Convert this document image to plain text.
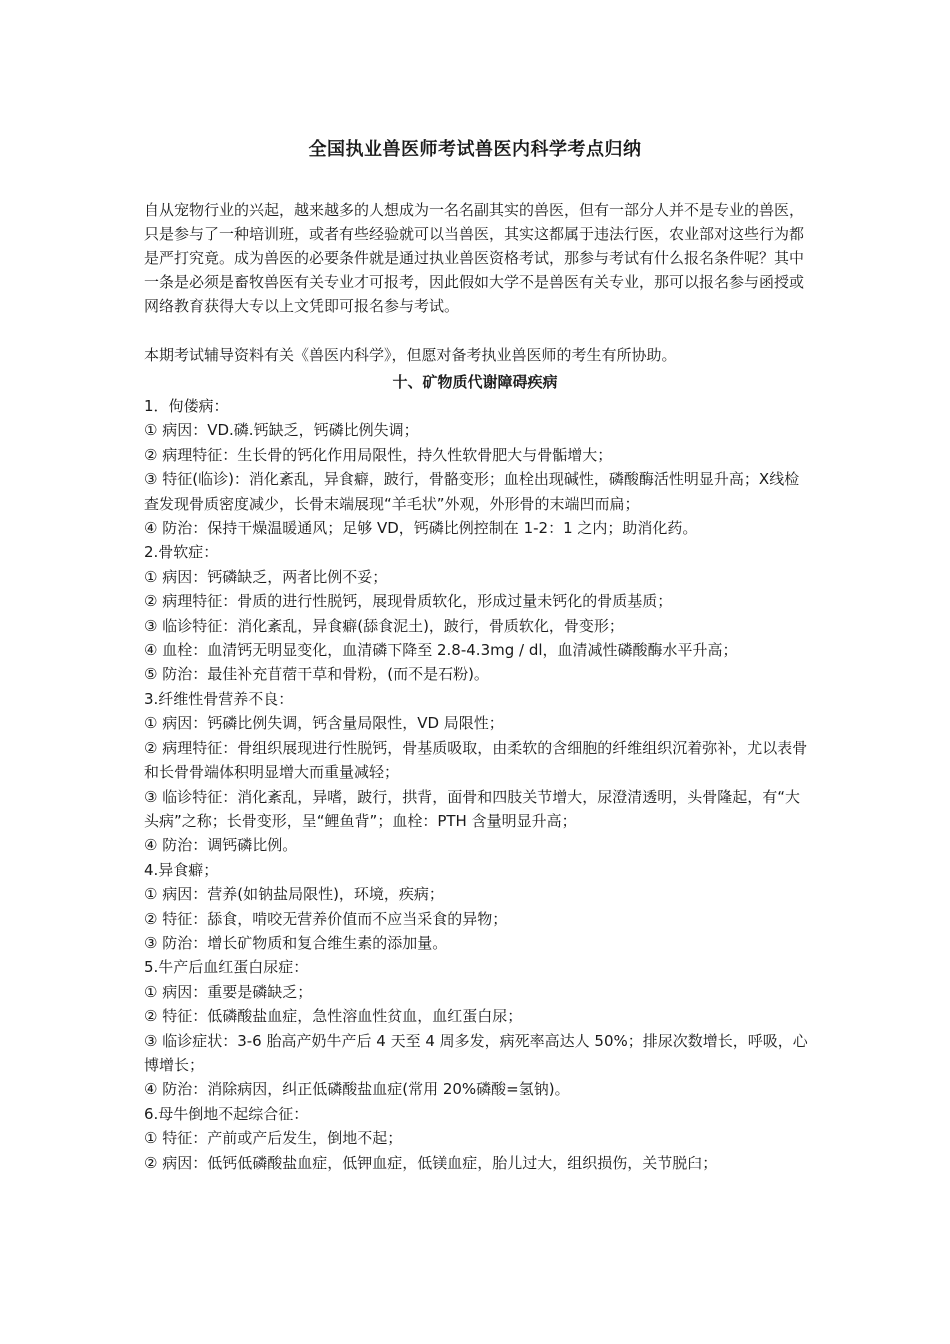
全国执业兽医师考试兽医内科学考点归纳
自从宠物行业的兴起，越来越多的人想成为一名名副其实的兽医，但有一部分人并不是专业的兽医，只是参与了一种培训班，或者有些经验就可以当兽医，其实这都属于违法行医，农业部对这些行为都是严打究竟。成为兽医的必要条件就是通过执业兽医资格考试，那参与考试有什么报名条件呢？其中一条是必须是畜牧兽医有关专业才可报考，因此假如大学不是兽医有关专业，那可以报名参与函授或网络教育获得大专以上文凭即可报名参与考试。
本期考试辅导资料有关《兽医内科学》，但愿对备考执业兽医师的考生有所协助。
十、矿物质代谢障碍疾病
1．佝偻病：
① 病因：VD.磷.钙缺乏，钙磷比例失调；
② 病理特征：生长骨的钙化作用局限性，持久性软骨肥大与骨骺增大；
③ 特征(临诊)：消化紊乱，异食癖，跛行，骨骼变形；血栓出现碱性，磷酸酶活性明显升高；X线检查发现骨质密度减少，长骨末端展现“羊毛状”外观，外形骨的末端凹而扁；
④ 防治：保持干燥温暖通风；足够 VD，钙磷比例控制在 1-2：1 之内；助消化药。
2.骨软症：
① 病因：钙磷缺乏，两者比例不妥；
② 病理特征：骨质的进行性脱钙，展现骨质软化，形成过量未钙化的骨质基质；
③ 临诊特征：消化紊乱，异食癖(舔食泥土)，跛行，骨质软化，骨变形；
④ 血栓：血清钙无明显变化，血清磷下降至 2.8-4.3mg / dl，血清减性磷酸酶水平升高；
⑤ 防治：最佳补充苜蓿干草和骨粉，(而不是石粉)。
3.纤维性骨营养不良：
① 病因：钙磷比例失调，钙含量局限性，VD 局限性；
② 病理特征：骨组织展现进行性脱钙，骨基质吸取，由柔软的含细胞的纤维组织沉着弥补，尤以表骨和长骨骨端体积明显增大而重量减轻；
③ 临诊特征：消化紊乱，异嗜，跛行，拱背，面骨和四肢关节增大，尿澄清透明，头骨隆起，有“大头病”之称；长骨变形，呈“鲤鱼背”；血栓：PTH 含量明显升高；
④ 防治：调钙磷比例。
4.异食癖；
① 病因：营养(如钠盐局限性)，环境，疾病；
② 特征：舔食，啃咬无营养价值而不应当采食的异物；
③ 防治：增长矿物质和复合维生素的添加量。
5.牛产后血红蛋白尿症：
① 病因：重要是磷缺乏；
② 特征：低磷酸盐血症，急性溶血性贫血，血红蛋白尿；
③ 临诊症状：3-6 胎高产奶牛产后 4 天至 4 周多发，病死率高达人 50%；排尿次数增长，呼吸，心博增长；
④ 防治：消除病因，纠正低磷酸盐血症(常用 20%磷酸=氢钠)。
6.母牛倒地不起综合征：
① 特征：产前或产后发生，倒地不起；
② 病因：低钙低磷酸盐血症，低钾血症，低镁血症，胎儿过大，组织损伤，关节脱臼；
